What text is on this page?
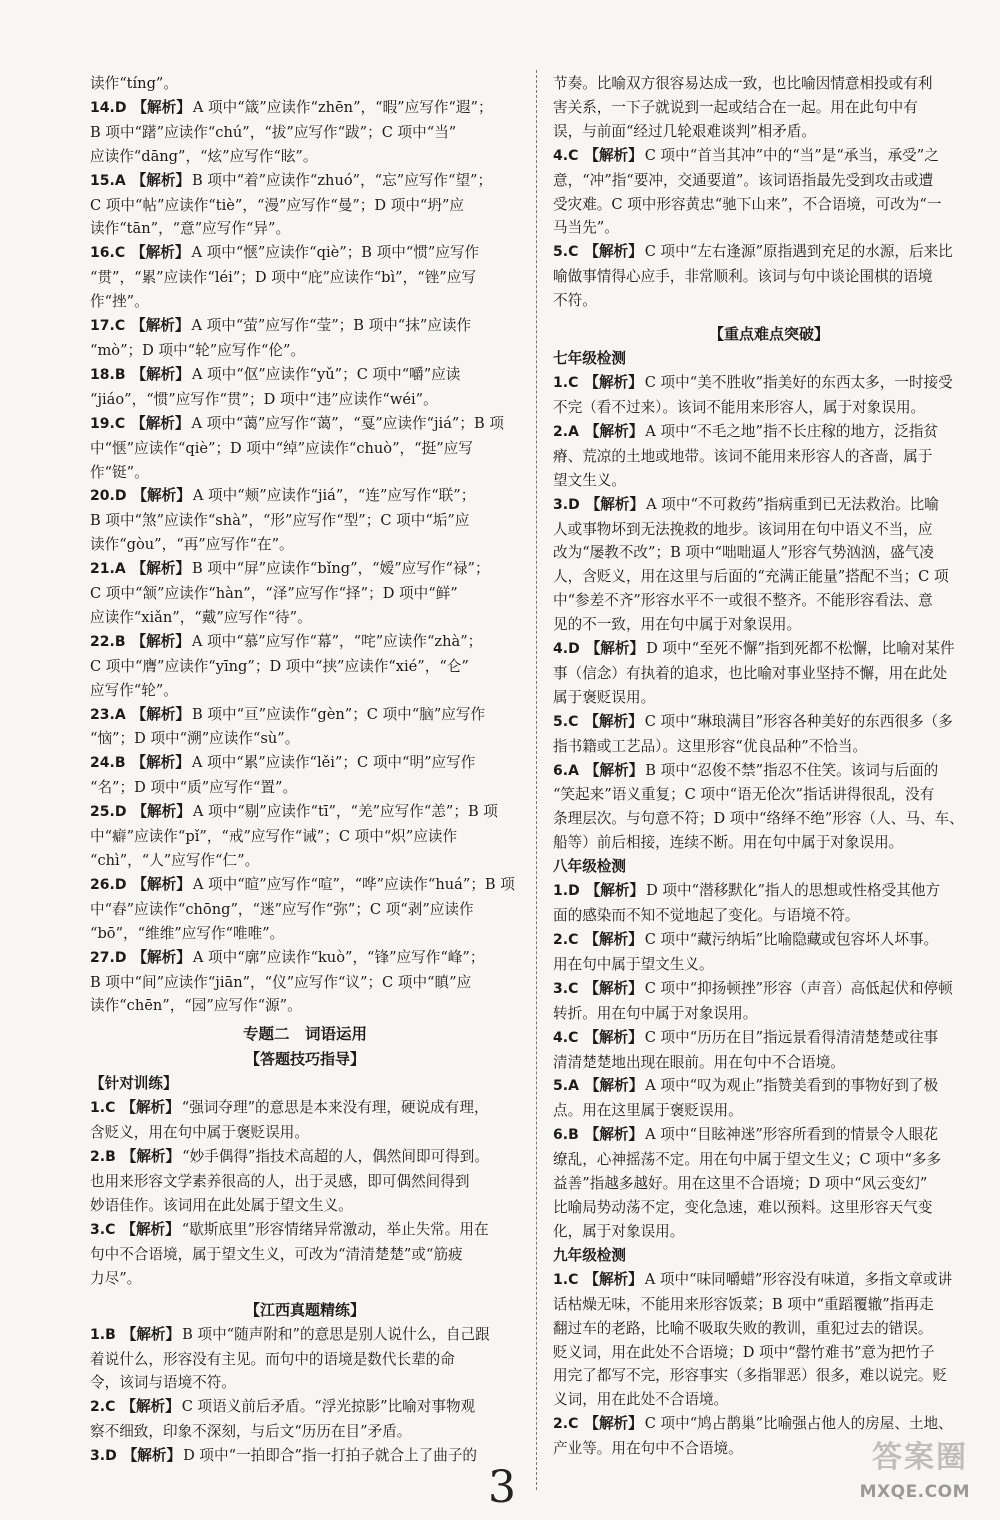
读作“tíng”。

14.D 【解析】 A 项中“箴”应读作“zhēn”，“暇”应写作“遐”；

B 项中“躇”应读作“chú”，“拔”应写作“跋”；C 项中“当”

应读作“dāng”，“炫”应写作“眩”。

15.A 【解析】 B 项中“着”应读作“zhuó”，“忘”应写作“望”；

C 项中“帖”应读作“tiè”，“漫”应写作“曼”；D 项中“坍”应

读作“tān”，“意”应写作“异”。

16.C 【解析】 A 项中“惬”应读作“qiè”；B 项中“惯”应写作

“贯”，“累”应读作“léi”；D 项中“庇”应读作“bì”，“锉”应写

作“挫”。

17.C 【解析】 A 项中“萤”应写作“莹”；B 项中“抹”应读作

“mò”；D 项中“轮”应写作“伦”。

18.B 【解析】 A 项中“伛”应读作“yǔ”；C 项中“嚼”应读

“jiáo”，“惯”应写作“贯”；D 项中“违”应读作“wéi”。

19.C 【解析】 A 项中“蔼”应写作“蔼”，“戛”应读作“jiá”；B 项

中“惬”应读作“qiè”；D 项中“绰”应读作“chuò”，“挺”应写

作“铤”。

20.D 【解析】 A 项中“颊”应读作“jiá”，“连”应写作“联”；

B 项中“煞”应读作“shà”，“形”应写作“型”；C 项中“垢”应

读作“gòu”，“再”应写作“在”。

21.A 【解析】 B 项中“屏”应读作“bǐng”，“嫒”应写作“禄”；

C 项中“颔”应读作“hàn”，“泽”应写作“择”；D 项中“鲜”

应读作“xiǎn”，“戴”应写作“待”。

22.B 【解析】 A 项中“慕”应写作“幕”，“咤”应读作“zhà”；

C 项中“膺”应读作“yīng”；D 项中“挟”应读作“xié”，“仑”

应写作“轮”。

23.A 【解析】 B 项中“亘”应读作“gèn”；C 项中“脑”应写作

“恼”；D 项中“溯”应读作“sù”。

24.B 【解析】 A 项中“累”应读作“lěi”；C 项中“明”应写作

“名”；D 项中“质”应写作“置”。

25.D 【解析】 A 项中“剔”应读作“tī”，“羌”应写作“恙”；B 项

中“癖”应读作“pǐ”，“戒”应写作“诫”；C 项中“炽”应读作

“chì”，“人”应写作“仁”。

26.D 【解析】 A 项中“暄”应写作“喧”，“哗”应读作“huá”；B 项

中“舂”应读作“chōng”，“迷”应写作“弥”；C 项“剥”应读作

“bō”，“维维”应写作“唯唯”。

27.D 【解析】 A 项中“廓”应读作“kuò”，“锋”应写作“峰”；

B 项中“间”应读作“jiān”，“仪”应写作“议”；C 项中“瞋”应

读作“chēn”，“园”应写作“源”。

专题二　词语运用

【答题技巧指导】

【针对训练】

1.C 【解析】 “强词夺理”的意思是本来没有理，硬说成有理，

含贬义，用在句中属于褒贬误用。

2.B 【解析】 “妙手偶得”指技术高超的人，偶然间即可得到。

也用来形容文学素养很高的人，出于灵感，即可偶然间得到

妙语佳作。该词用在此处属于望文生义。

3.C 【解析】 “歇斯底里”形容情绪异常激动，举止失常。用在

句中不合语境，属于望文生义，可改为“清清楚楚”或“筋疲

力尽”。

【江西真题精练】

1.B 【解析】 B 项中“随声附和”的意思是别人说什么，自己跟

着说什么，形容没有主见。而句中的语境是数代长辈的命

令，该词与语境不符。

2.C 【解析】 C 项语义前后矛盾。“浮光掠影”比喻对事物观

察不细致，印象不深刻，与后文“历历在目”矛盾。

3.D 【解析】 D 项中“一拍即合”指一打拍子就合上了曲子的

节奏。比喻双方很容易达成一致，也比喻因情意相投或有利

害关系，一下子就说到一起或结合在一起。用在此句中有

误，与前面“经过几轮艰难谈判”相矛盾。

4.C 【解析】 C 项中“首当其冲”中的“当”是“承当，承受”之

意，“冲”指“要冲，交通要道”。该词语指最先受到攻击或遭

受灾难。C 项中形容黄忠“驰下山来”，不合语境，可改为“一

马当先”。

5.C 【解析】 C 项中“左右逢源”原指遇到充足的水源，后来比

喻做事情得心应手，非常顺利。该词与句中谈论围棋的语境

不符。

【重点难点突破】

七年级检测

1.C 【解析】 C 项中“美不胜收”指美好的东西太多，一时接受

不完（看不过来）。该词不能用来形容人，属于对象误用。

2.A 【解析】 A 项中“不毛之地”指不长庄稼的地方，泛指贫

瘠、荒凉的土地或地带。该词不能用来形容人的吝啬，属于

望文生义。

3.D 【解析】 A 项中“不可救药”指病重到已无法救治。比喻

人或事物坏到无法挽救的地步。该词用在句中语义不当，应

改为“屡教不改”；B 项中“咄咄逼人”形容气势汹汹，盛气凌

人，含贬义，用在这里与后面的“充满正能量”搭配不当；C 项

中“参差不齐”形容水平不一或很不整齐。不能形容看法、意

见的不一致，用在句中属于对象误用。

4.D 【解析】 D 项中“至死不懈”指到死都不松懈，比喻对某件

事（信念）有执着的追求，也比喻对事业坚持不懈，用在此处

属于褒贬误用。

5.C 【解析】 C 项中“琳琅满目”形容各种美好的东西很多（多

指书籍或工艺品）。这里形容“优良品种”不恰当。

6.A 【解析】 B 项中“忍俊不禁”指忍不住笑。该词与后面的

“笑起来”语义重复；C 项中“语无伦次”指话讲得很乱，没有

条理层次。与句意不符；D 项中“络绎不绝”形容（人、马、车、

船等）前后相接，连续不断。用在句中属于对象误用。

八年级检测

1.D 【解析】 D 项中“潜移默化”指人的思想或性格受其他方

面的感染而不知不觉地起了变化。与语境不符。

2.C 【解析】 C 项中“藏污纳垢”比喻隐藏或包容坏人坏事。

用在句中属于望文生义。

3.C 【解析】 C 项中“抑扬顿挫”形容（声音）高低起伏和停顿

转折。用在句中属于对象误用。

4.C 【解析】 C 项中“历历在目”指远景看得清清楚楚或往事

清清楚楚地出现在眼前。用在句中不合语境。

5.A 【解析】 A 项中“叹为观止”指赞美看到的事物好到了极

点。用在这里属于褒贬误用。

6.B 【解析】 A 项中“目眩神迷”形容所看到的情景令人眼花

缭乱，心神摇荡不定。用在句中属于望文生义；C 项中“多多

益善”指越多越好。用在这里不合语境；D 项中“风云变幻”

比喻局势动荡不定，变化急速，难以预料。这里形容天气变

化，属于对象误用。

九年级检测

1.C 【解析】 A 项中“味同嚼蜡”形容没有味道，多指文章或讲

话枯燥无味，不能用来形容饭菜；B 项中“重蹈覆辙”指再走

翻过车的老路，比喻不吸取失败的教训，重犯过去的错误。

贬义词，用在此处不合语境；D 项中“罄竹难书”意为把竹子

用完了都写不完，形容事实（多指罪恶）很多，难以说完。贬

义词，用在此处不合语境。

2.C 【解析】 C 项中“鸠占鹊巢”比喻强占他人的房屋、土地、

产业等。用在句中不合语境。

3
答案圈
MXQE.COM
